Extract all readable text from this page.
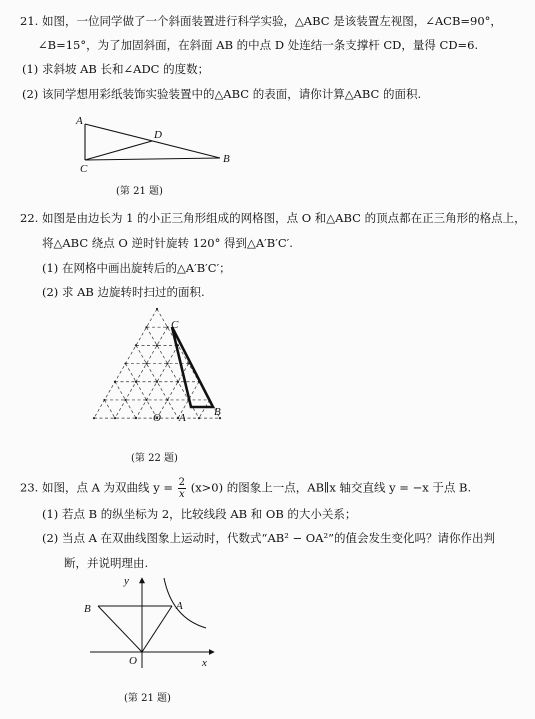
21. 如图，一位同学做了一个斜面装置进行科学实验，△ABC 是该装置左视图，∠ACB=90°，
∠B=15°，为了加固斜面，在斜面 AB 的中点 D 处连结一条支撑杆 CD，量得 CD=6.
(1) 求斜坡 AB 长和∠ADC 的度数；
(2) 该同学想用彩纸装饰实验装置中的△ABC 的表面，请你计算△ABC 的面积.
A
C
D
B
(第 21 题)
22. 如图是由边长为 1 的小正三角形组成的网格图，点 O 和△ABC 的顶点都在正三角形的格点上，
将△ABC 绕点 O 逆时针旋转 120° 得到△A′B′C′.
(1) 在网格中画出旋转后的△A′B′C′；
(2) 求 AB 边旋转时扫过的面积.
C
O A	B
(第 22 题)
23. 如图，点 A 为双曲线 $y = \frac{2}{x} (x>0)$ 的图象上一点，AB∥x 轴交直线 y = −x 于点 B.
(1) 若点 B 的纵坐标为 2，比较线段 AB 和 OB 的大小关系；
(2) 当点 A 在双曲线图象上运动时，代数式“AB² − OA²”的值会发生变化吗？请你作出判
断，并说明理由.
y
x
B	A
O
(第 21 题)
